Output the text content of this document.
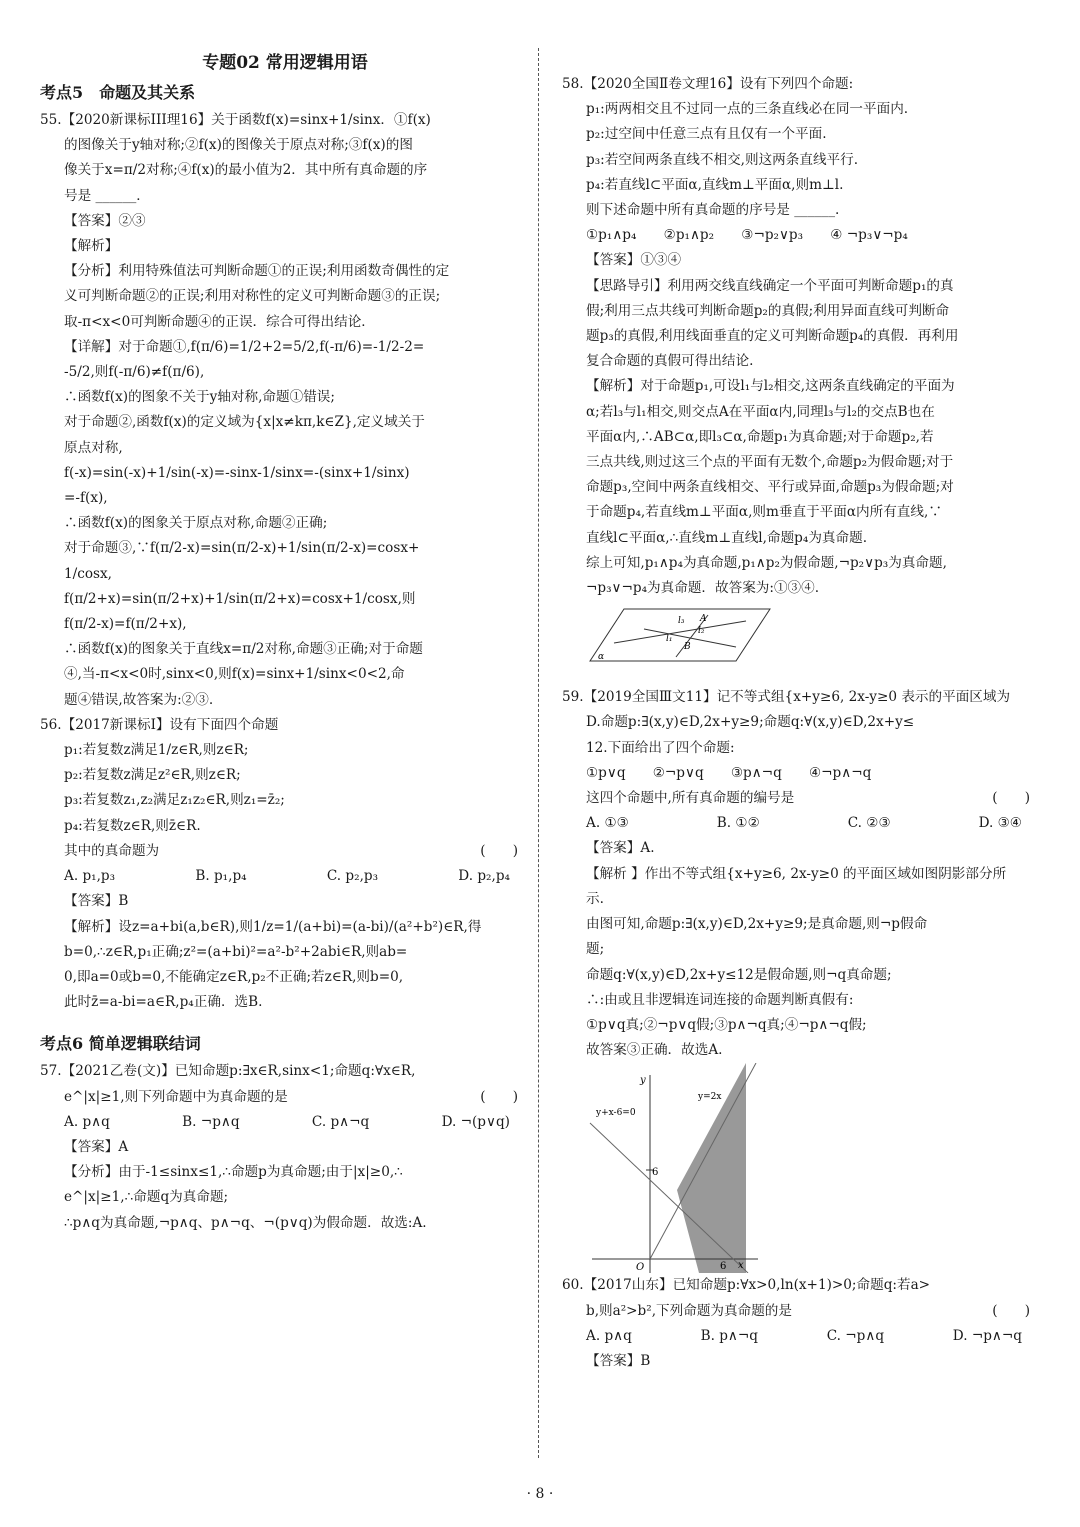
专题02 常用逻辑用语
考点5　命题及其关系
55.【2020新课标III理16】关于函数f(x)=sinx+1/sinx．①f(x)
的图像关于y轴对称;②f(x)的图像关于原点对称;③f(x)的图
像关于x=π/2对称;④f(x)的最小值为2．其中所有真命题的序
号是 ______．
【答案】②③
【解析】
【分析】利用特殊值法可判断命题①的正误;利用函数奇偶性的定
义可判断命题②的正误;利用对称性的定义可判断命题③的正误;
取-π<x<0可判断命题④的正误．综合可得出结论．
【详解】对于命题①,f(π/6)=1/2+2=5/2,f(-π/6)=-1/2-2=
-5/2,则f(-π/6)≠f(π/6),
∴函数f(x)的图象不关于y轴对称,命题①错误;
对于命题②,函数f(x)的定义域为{x|x≠kπ,k∈Z},定义域关于
原点对称,
f(-x)=sin(-x)+1/sin(-x)=-sinx-1/sinx=-(sinx+1/sinx)
=-f(x),
∴函数f(x)的图象关于原点对称,命题②正确;
对于命题③,∵f(π/2-x)=sin(π/2-x)+1/sin(π/2-x)=cosx+
1/cosx,
f(π/2+x)=sin(π/2+x)+1/sin(π/2+x)=cosx+1/cosx,则
f(π/2-x)=f(π/2+x),
∴函数f(x)的图象关于直线x=π/2对称,命题③正确;对于命题
④,当-π<x<0时,sinx<0,则f(x)=sinx+1/sinx<0<2,命
题④错误,故答案为:②③.
56.【2017新课标Ⅰ】设有下面四个命题
p₁:若复数z满足1/z∈R,则z∈R;
p₂:若复数z满足z²∈R,则z∈R;
p₃:若复数z₁,z₂满足z₁z₂∈R,则z₁=z̄₂;
p₄:若复数z∈R,则z̄∈R.
其中的真命题为	(　　)
A. p₁,p₃	B. p₁,p₄	C. p₂,p₃	D. p₂,p₄
【答案】B
【解析】设z=a+bi(a,b∈R),则1/z=1/(a+bi)=(a-bi)/(a²+b²)∈R,得
b=0,∴z∈R,p₁正确;z²=(a+bi)²=a²-b²+2abi∈R,则ab=
0,即a=0或b=0,不能确定z∈R,p₂不正确;若z∈R,则b=0,
此时z̄=a-bi=a∈R,p₄正确．选B.
考点6 简单逻辑联结词
57.【2021乙卷(文)】已知命题p:∃x∈R,sinx<1;命题q:∀x∈R,
e^|x|≥1,则下列命题中为真命题的是	(　　)
A. p∧q	B. ¬p∧q	C. p∧¬q	D. ¬(p∨q)
【答案】A
【分析】由于-1≤sinx≤1,∴命题p为真命题;由于|x|≥0,∴
e^|x|≥1,∴命题q为真命题;
∴p∧q为真命题,¬p∧q、p∧¬q、¬(p∨q)为假命题．故选:A.
58.【2020全国Ⅱ卷文理16】设有下列四个命题:
p₁:两两相交且不过同一点的三条直线必在同一平面内.
p₂:过空间中任意三点有且仅有一个平面.
p₃:若空间两条直线不相交,则这两条直线平行.
p₄:若直线l⊂平面α,直线m⊥平面α,则m⊥l.
则下述命题中所有真命题的序号是 ______.
①p₁∧p₄　　②p₁∧p₂　　③¬p₂∨p₃　　④ ¬p₃∨¬p₄
【答案】①③④
【思路导引】利用两交线直线确定一个平面可判断命题p₁的真
假;利用三点共线可判断命题p₂的真假;利用异面直线可判断命
题p₃的真假,利用线面垂直的定义可判断命题p₄的真假．再利用
复合命题的真假可得出结论.
【解析】对于命题p₁,可设l₁与l₂相交,这两条直线确定的平面为
α;若l₃与l₁相交,则交点A在平面α内,同理l₃与l₂的交点B也在
平面α内,∴AB⊂α,即l₃⊂α,命题p₁为真命题;对于命题p₂,若
三点共线,则过这三个点的平面有无数个,命题p₂为假命题;对于
命题p₃,空间中两条直线相交、平行或异面,命题p₃为假命题;对
于命题p₄,若直线m⊥平面α,则m垂直于平面α内所有直线,∵
直线l⊂平面α,∴直线m⊥直线l,命题p₄为真命题.
综上可知,p₁∧p₄为真命题,p₁∧p₂为假命题,¬p₂∨p₃为真命题,
¬p₃∨¬p₄为真命题．故答案为:①③④.
l₃ A
l₂
l₁
B
α
59.【2019全国Ⅲ文11】记不等式组{x+y≥6, 2x-y≥0 表示的平面区域为
D.命题p:∃(x,y)∈D,2x+y≥9;命题q:∀(x,y)∈D,2x+y≤
12.下面给出了四个命题:
①p∨q　　②¬p∨q　　③p∧¬q　　④¬p∧¬q
这四个命题中,所有真命题的编号是	(　　)
A. ①③	B. ①②	C. ②③	D. ③④
【答案】A.
【解析 】作出不等式组{x+y≥6, 2x-y≥0 的平面区域如图阴影部分所
示.
由图可知,命题p:∃(x,y)∈D,2x+y≥9;是真命题,则¬p假命
题;
命题q:∀(x,y)∈D,2x+y≤12是假命题,则¬q真命题;
∴:由或且非逻辑连词连接的命题判断真假有:
①p∨q真;②¬p∨q假;③p∧¬q真;④¬p∧¬q假;
故答案③正确．故选A.
y
x
O
6
6
y=2x
y+x-6=0
60.【2017山东】已知命题p:∀x>0,ln(x+1)>0;命题q:若a>
b,则a²>b²,下列命题为真命题的是	(　　)
A. p∧q	B. p∧¬q	C. ¬p∧q	D. ¬p∧¬q
【答案】B
· 8 ·
